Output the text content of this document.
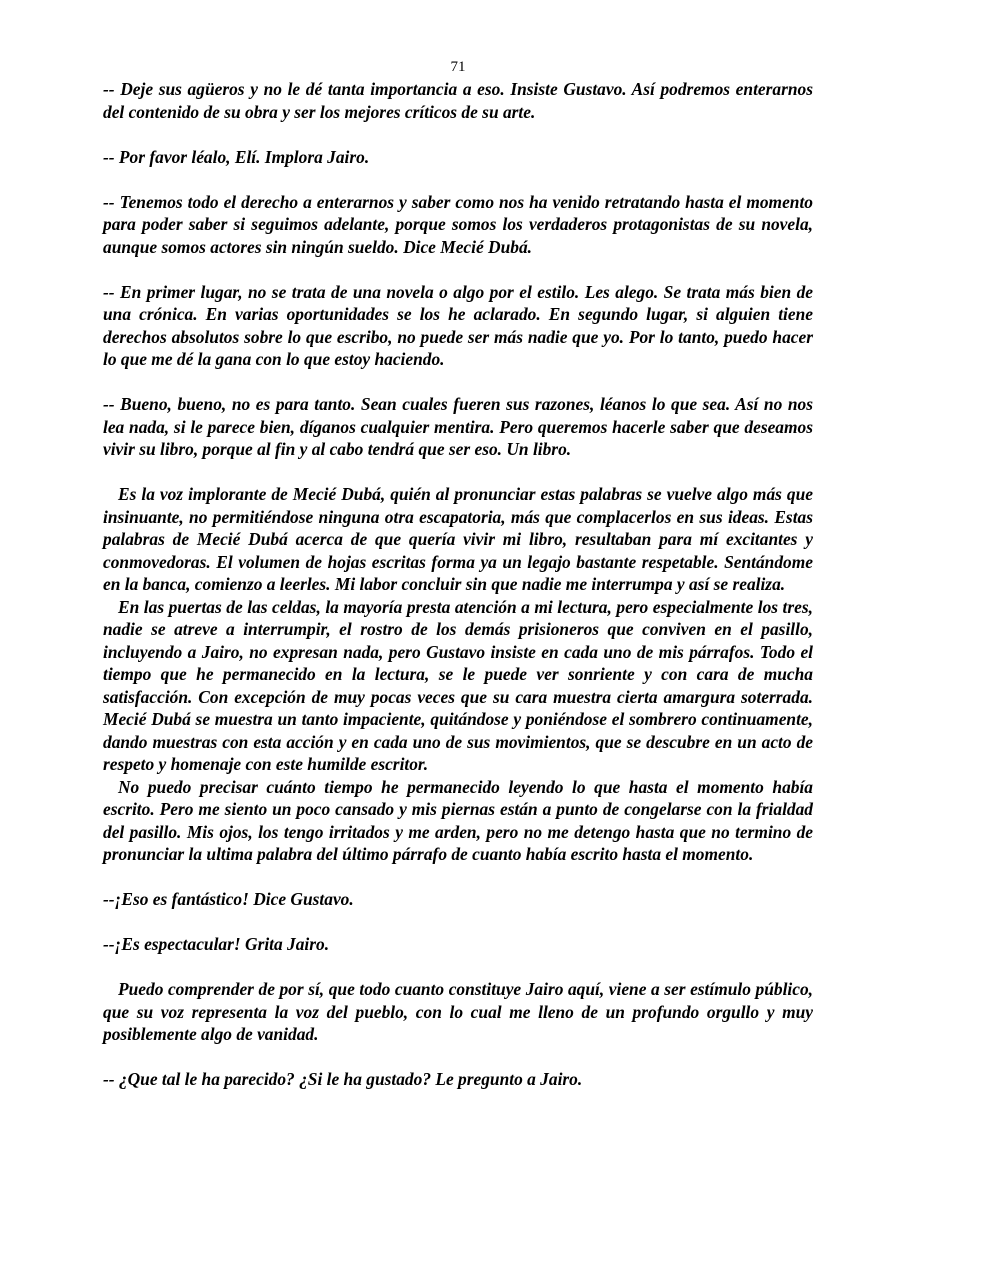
71

-- Deje sus agüeros y no le dé tanta importancia a eso. Insiste Gustavo. Así podremos enterarnos del contenido de su obra y ser los mejores críticos de su arte.

-- Por favor léalo, Elí. Implora Jairo.

-- Tenemos todo el derecho a enterarnos y saber como nos ha venido retratando hasta el momento para poder saber si seguimos adelante, porque somos los verdaderos protagonistas de su novela, aunque somos actores sin ningún sueldo. Dice Mecié Dubá.

-- En primer lugar, no se trata de una novela o algo por el estilo. Les alego. Se trata más bien de una crónica. En varias oportunidades se los he aclarado. En segundo lugar, si alguien tiene derechos absolutos sobre lo que escribo, no puede ser más nadie que yo. Por lo tanto, puedo hacer lo que me dé la gana con lo que estoy haciendo.

-- Bueno, bueno, no es para tanto. Sean cuales fueren sus razones, léanos lo que sea. Así no nos lea nada, si le parece bien, díganos cualquier mentira. Pero queremos hacerle saber que deseamos vivir su libro, porque al fin y al cabo tendrá que ser eso. Un libro.

Es la voz implorante de Mecié Dubá, quién al pronunciar estas palabras se vuelve algo más que insinuante, no permitiéndose ninguna otra escapatoria, más que complacerlos en sus ideas. Estas palabras de Mecié Dubá acerca de que quería vivir mi libro, resultaban para mí excitantes y conmovedoras. El volumen de hojas escritas forma ya un legajo bastante respetable. Sentándome en la banca, comienzo a leerles. Mi labor concluir sin que nadie me interrumpa y así se realiza.

En las puertas de las celdas, la mayoría presta atención a mi lectura, pero especialmente los tres, nadie se atreve a interrumpir, el rostro de los demás prisioneros que conviven en el pasillo, incluyendo a Jairo, no expresan nada, pero Gustavo insiste en cada uno de mis párrafos. Todo el tiempo que he permanecido en la lectura, se le puede ver sonriente y con cara de mucha satisfacción. Con excepción de muy pocas veces que su cara muestra cierta amargura soterrada. Mecié Dubá se muestra un tanto impaciente, quitándose y poniéndose el sombrero continuamente, dando muestras con esta acción y en cada uno de sus movimientos, que se descubre en un acto de respeto y homenaje con este humilde escritor.

No puedo precisar cuánto tiempo he permanecido leyendo lo que hasta el momento había escrito. Pero me siento un poco cansado y mis piernas están a punto de congelarse con la frialdad del pasillo. Mis ojos, los tengo irritados y me arden, pero no me detengo hasta que no termino de pronunciar la ultima palabra del último párrafo de cuanto había escrito hasta el momento.

--¡Eso es fantástico! Dice Gustavo.

--¡Es espectacular! Grita Jairo.

Puedo comprender de por sí, que todo cuanto constituye Jairo aquí, viene a ser estímulo público, que su voz representa la voz del pueblo, con lo cual me lleno de un profundo orgullo y muy posiblemente algo de vanidad.

-- ¿Que tal le ha parecido? ¿Si le ha gustado? Le pregunto a Jairo.
